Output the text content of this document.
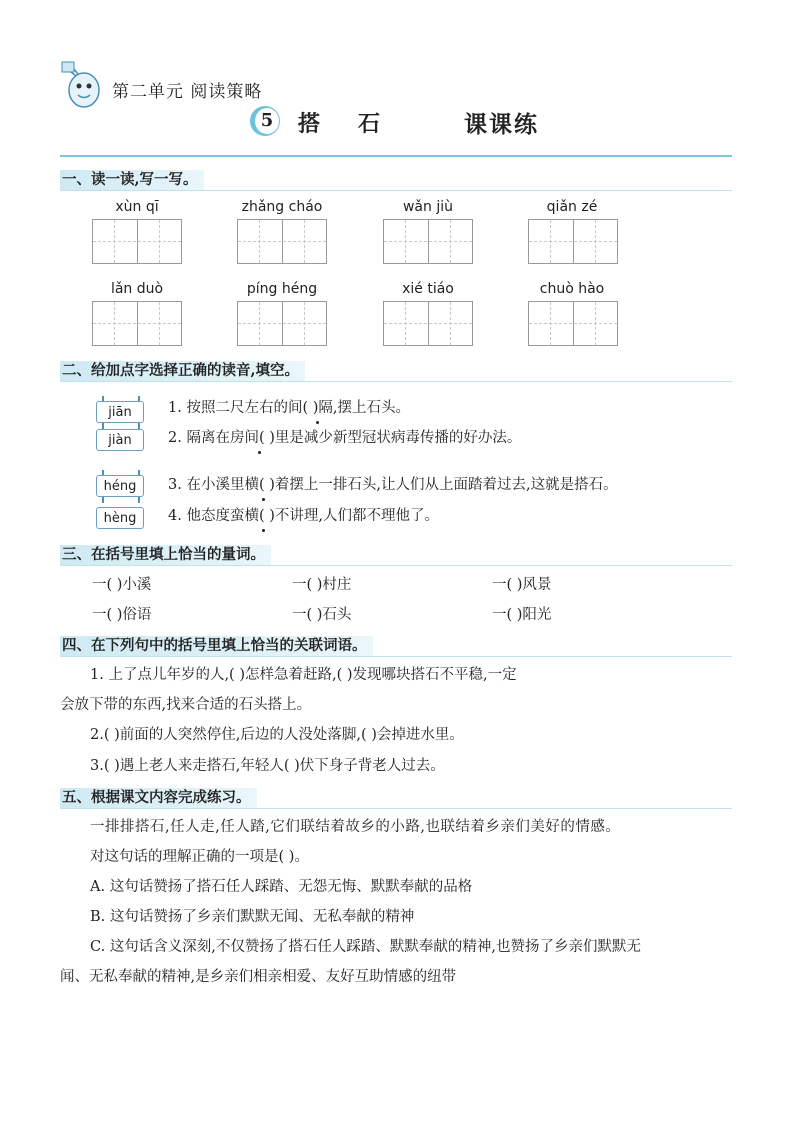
第二单元 阅读策略
5 搭石 课课练
一、读一读,写一写。
xùn qī	zhǎng cháo	wǎn jiù	qiǎn zé
lǎn duò	píng héng	xié tiáo	chuò hào
二、给加点字选择正确的读音,填空。
jiān
jiàn
1. 按照二尺左右的间( )隔,摆上石头。
2. 隔离在房间( )里是减少新型冠状病毒传播的好办法。
héng
hèng
3. 在小溪里横( )着摆上一排石头,让人们从上面踏着过去,这就是搭石。
4. 他态度蛮横( )不讲理,人们都不理他了。
三、在括号里填上恰当的量词。
一( )小溪	一( )村庄	一( )风景
一( )俗语	一( )石头	一( )阳光
四、在下列句中的括号里填上恰当的关联词语。
1. 上了点儿年岁的人,( )怎样急着赶路,( )发现哪块搭石不平稳,一定
会放下带的东西,找来合适的石头搭上。
2.( )前面的人突然停住,后边的人没处落脚,( )会掉进水里。
3.( )遇上老人来走搭石,年轻人( )伏下身子背老人过去。
五、根据课文内容完成练习。
一排排搭石,任人走,任人踏,它们联结着故乡的小路,也联结着乡亲们美好的情感。
对这句话的理解正确的一项是( )。
A. 这句话赞扬了搭石任人踩踏、无怨无悔、默默奉献的品格
B. 这句话赞扬了乡亲们默默无闻、无私奉献的精神
C. 这句话含义深刻,不仅赞扬了搭石任人踩踏、默默奉献的精神,也赞扬了乡亲们默默无
闻、无私奉献的精神,是乡亲们相亲相爱、友好互助情感的纽带
